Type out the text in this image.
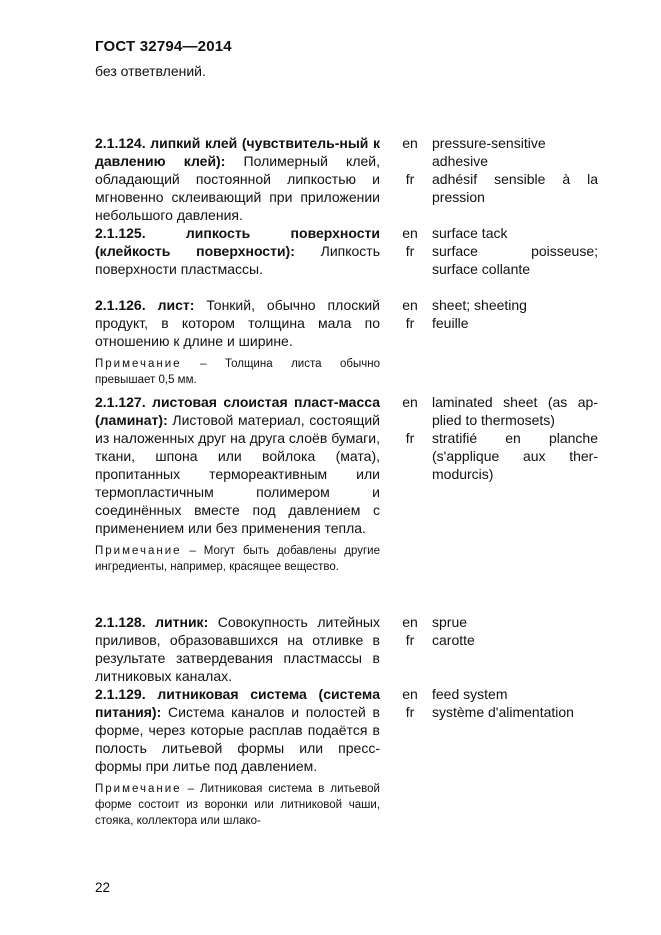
ГОСТ 32794—2014
без ответвлений.

2.1.124. липкий клей (чувствитель-ный к давлению клей): Полимерный клей, обладающий постоянной липкостью и мгновенно склеивающий при приложении небольшого давления.

en
fr
pressure-sensitive
adhesive
adhésif sensible à la
pression

2.1.125.	липкость поверхности (клейкость поверхности): Липкость поверхности пластмассы.

en
fr
surface tack
surface poisseuse;
surface collante

2.1.126. лист: Тонкий, обычно плоский продукт, в котором толщина мала по отношению к длине и ширине.

Примечание – Толщина листа обычно превышает 0,5 мм.

en
fr
sheet; sheeting
feuille

2.1.127. листовая слоистая пласт-масса (ламинат): Листовой материал, состоящий из наложенных друг на друга слоёв бумаги, ткани, шпона или войлока (мата), пропитанных термореактивным или термопластичным полимером и соединённых вместе под давлением с применением или без применения тепла.

Примечание – Могут быть добавлены другие ингредиенты, например, красящее вещество.

en
fr
laminated sheet (as ap-
plied to thermosets)
stratifié en planche
(s'applique aux ther-
modurcis)

2.1.128. литник: Совокупность литейных приливов, образовавшихся на отливке в результате затвердевания пластмассы в литниковых каналах.

en
fr
sprue
carotte

2.1.129. литниковая система (системa питания): Система каналов и полостей в форме, через которые расплав подаётся в полость литьевой формы или пресс-формы при литье под давлением.

Примечание – Литниковая система в литьевой форме состоит из воронки или литниковой чаши, стояка, коллектора или шлако-

en
fr
feed system
système d'alimentation
22
